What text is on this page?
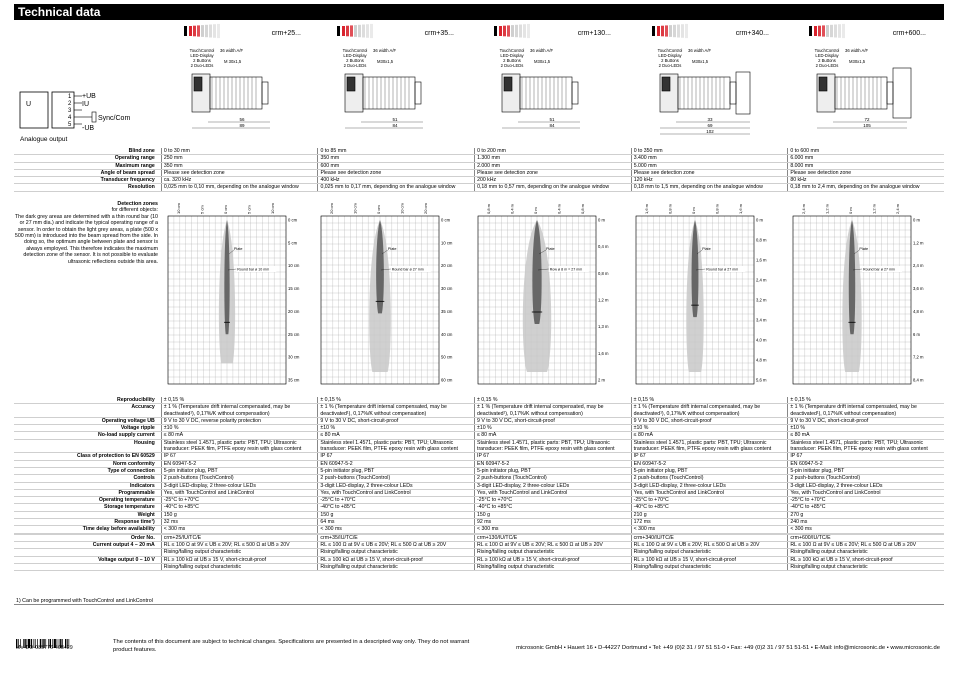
Technical data
U
1
2
3
4
5
+UB
IU
Sync/Com
-UB
Analogue output
crm+25...
TouchControl
LED-Display
2 Buttons
2 Duo-LEDs
36 width A/F
M 30x1,5
56
89
crm+35...
TouchControl
LED-Display
2 Buttons
2 Duo-LEDs
36 width A/F
M30x1,5
51
84
crm+130...
TouchControl
LED-Display
2 Buttons
2 Duo-LEDs
36 width A/F
M30x1,5
51
84
crm+340...
TouchControl
LED-Display
2 Buttons
2 Duo-LEDs
36 width A/F
M30x1,5
33
69
102
crm+600...
TouchControl
LED-Display
2 Buttons
2 Duo-LEDs
36 width A/F
M30x1,5
72
105
Blind zone	0 to 30 mm	0 to 85 mm	0 to 200 mm	0 to 350 mm	0 to 600 mm
Operating range	250 mm	350 mm	1.300 mm	3.400 mm	6.000 mm
Maximum range	350 mm	600 mm	2.000 mm	5.000 mm	8.000 mm
Angle of beam spread	Please see detection zone	Please see detection zone	Please see detection zone	Please see detection zone	Please see detection zone
Transducer frequency	ca. 320 kHz	400 kHz	200 kHz	120 kHz	80 kHz
Resolution	0,025 mm to 0,10 mm, depending on the analogue window	0,025 mm to 0,17 mm, depending on the analogue window	0,18 mm to 0,57 mm, depending on the analogue window	0,18 mm to 1,5 mm, depending on the analogue window	0,18 mm to 2,4 mm, depending on the analogue window
Detection zones
for different objects:
The dark grey areas are determined with a thin round bar (10 or 27 mm dia.) and indicate the typical operating range of a sensor. In order to obtain the light grey areas, a plate (500 x 500 mm) is introduced into the beam spread from the side. In doing so, the optimum angle between plate and sensor is always employed. This therefore indicates the maximum detection zone of the sensor. It is not possible to evaluate ultrasonic reflections outside this area.
10 cm	5 cm	0 cm	5 cm	10 cm
0 cm
5 cm
10 cm
15 cm
20 cm
25 cm
30 cm
35 cm
Plate
Round bar ø 10 mm
20 cm	10 cm	0 cm	10 cm	20 cm
0 cm
10 cm
20 cm
30 cm
35 cm
40 cm
50 cm
60 cm
Plate
Round bar ø 27 mm
0,8 m	0,4 m	0 m	0,4 m	0,8 m
0 m
0,4 m
0,8 m
1,2 m
1,3 m
1,6 m
2 m
Plate
Row ø 8 m = 27 mm
1,6 m	0,8 m	0 m	0,8 m	1,6 m
0 m
0,8 m
1,6 m
2,4 m
3,2 m
3,4 m
4,0 m
4,8 m
5,6 m
Plate
Round bar ø 27 mm
2,4 m	1,2 m	0 m	1,2 m	2,4 m
0 m
1,2 m
2,4 m
3,6 m
4,8 m
6 m
7,2 m
8,4 m
Plate
Round bar ø 27 mm
Reproducibility	± 0,15 %	± 0,15 %	± 0,15 %	± 0,15 %	± 0,15 %
Accuracy	± 1 % (Temperature drift internal compensated, may be deactivated¹), 0,17%/K without compensation)	± 1 % (Temperature drift internal compensated, may be deactivated¹), 0,17%/K without compensation)	± 1 % (Temperature drift internal compensated, may be deactivated¹), 0,17%/K without compensation)	± 1 % (Temperature drift internal compensated, may be deactivated¹), 0,17%/K without compensation)	± 1 % (Temperature drift internal compensated, may be deactivated¹), 0,17%/K without compensation)
Operating voltage UB	9 V to 30 V DC, reverse polarity protection	9 V to 30 V DC, short-circuit-proof	9 V to 30 V DC, short-circuit-proof	9 V to 30 V DC, short-circuit-proof	9 V to 30 V DC, short-circuit-proof
Voltage ripple	±10 %	±10 %	±10 %	±10 %	±10 %
No-load supply current	≤ 80 mA	≤ 80 mA	≤ 80 mA	≤ 80 mA	≤ 80 mA
Housing	Stainless steel 1.4571, plastic parts: PBT, TPU; Ultrasonic transducer: PEEK film, PTFE epoxy resin with glass content	Stainless steel 1.4571, plastic parts: PBT, TPU; Ultrasonic transducer: PEEK film, PTFE epoxy resin with glass content	Stainless steel 1.4571, plastic parts: PBT, TPU; Ultrasonic transducer: PEEK film, PTFE epoxy resin with glass content	Stainless steel 1.4571, plastic parts: PBT, TPU; Ultrasonic transducer: PEEK film, PTFE epoxy resin with glass content	Stainless steel 1.4571, plastic parts: PBT, TPU; Ultrasonic transducer: PEEK film, PTFE epoxy resin with glass content
Class of protection to EN 60529	IP 67	IP 67	IP 67	IP 67	IP 67
Norm conformity	EN 60947-5-2	EN 60947-5-2	EN 60947-5-2	EN 60947-5-2	EN 60947-5-2
Type of connection	5-pin initiator plug, PBT	5-pin initiator plug, PBT	5-pin initiator plug, PBT	5-pin initiator plug, PBT	5-pin initiator plug, PBT
Controls	2 push-buttons (TouchControl)	2 push-buttons (TouchControl)	2 push-buttons (TouchControl)	2 push-buttons (TouchControl)	2 push-buttons (TouchControl)
Indicators	3-digit LED-display, 2 three-colour LEDs	3-digit LED-display, 2 three-colour LEDs	3-digit LED-display, 2 three-colour LEDs	3-digit LED-display, 2 three-colour LEDs	3-digit LED-display, 2 three-colour LEDs
Programmable	Yes, with TouchControl and LinkControl	Yes, with TouchControl and LinkControl	Yes, with TouchControl and LinkControl	Yes, with TouchControl and LinkControl	Yes, with TouchControl and LinkControl
Operating temperature	-25°C to +70°C	-25°C to +70°C	-25°C to +70°C	-25°C to +70°C	-25°C to +70°C
Storage temperature	-40°C to +85°C	-40°C to +85°C	-40°C to +85°C	-40°C to +85°C	-40°C to +85°C
Weight	150 g	150 g	150 g	210 g	270 g
Response time¹)	32 ms	64 ms	92 ms	172 ms	240 ms
Time delay before availability	< 300 ms	< 300 ms	< 300 ms	< 300 ms	< 300 ms

Order No.	crm+25/IU/TC/E	crm+35/IU/TC/E	crm+130/IU/TC/E	crm+340/IU/TC/E	crm+600/IU/TC/E
Current output 4 – 20 mA	RL ≤ 100 Ω at 9V ≤ UB ≤ 20V; RL ≤ 500 Ω at UB ≥ 20V	RL ≤ 100 Ω at 9V ≤ UB ≤ 20V; RL ≤ 500 Ω at UB ≥ 20V	RL ≤ 100 Ω at 9V ≤ UB ≤ 20V; RL ≤ 500 Ω at UB ≥ 20V	RL ≤ 100 Ω at 9V ≤ UB ≤ 20V; RL ≤ 500 Ω at UB ≥ 20V	RL ≤ 100 Ω at 9V ≤ UB ≤ 20V; RL ≤ 500 Ω at UB ≥ 20V
	Rising/falling output characteristic	Rising/falling output characteristic	Rising/falling output characteristic	Rising/falling output characteristic	Rising/falling output characteristic
Voltage output 0 – 10 V	RL ≥ 100 kΩ at UB ≥ 15 V, short-circuit-proof	RL ≥ 100 kΩ at UB ≥ 15 V, short-circuit-proof	RL ≥ 100 kΩ at UB ≥ 15 V, short-circuit-proof	RL ≥ 100 kΩ at UB ≥ 15 V, short-circuit-proof	RL ≥ 100 kΩ at UB ≥ 15 V, short-circuit-proof
	Rising/falling output characteristic	Rising/falling output characteristic	Rising/falling output characteristic	Rising/falling output characteristic	Rising/falling output characteristic
1) Can be programmed with TouchControl and LinkControl
MV-DO-085776-408429
The contents of this document are subject to technical changes. Specifications are presented in a descripted way only. They do not warrant product features.	microsonic GmbH • Hauert 16 • D-44227 Dortmund • Tel: +49 (0)2 31 / 97 51 51-0 • Fax: +49 (0)2 31 / 97 51 51-51 • E-Mail: info@microsonic.de • www.microsonic.de
